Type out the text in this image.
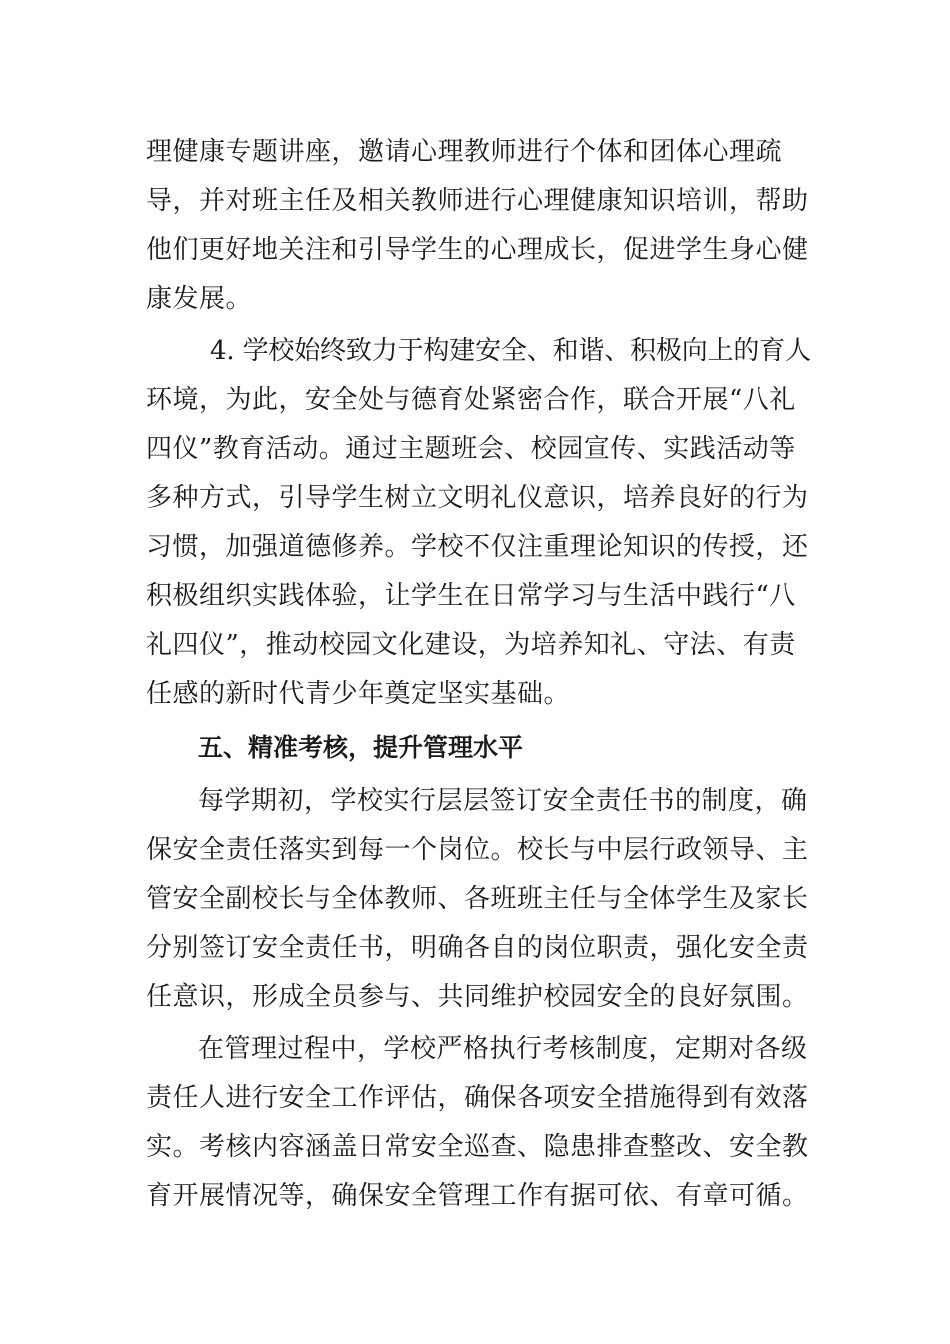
理健康专题讲座，邀请心理教师进行个体和团体心理疏
导，并对班主任及相关教师进行心理健康知识培训，帮助
他们更好地关注和引导学生的心理成长，促进学生身心健
康发展。
4. 学校始终致力于构建安全、和谐、积极向上的育人
环境，为此，安全处与德育处紧密合作，联合开展“八礼
四仪”教育活动。通过主题班会、校园宣传、实践活动等
多种方式，引导学生树立文明礼仪意识，培养良好的行为
习惯，加强道德修养。学校不仅注重理论知识的传授，还
积极组织实践体验，让学生在日常学习与生活中践行“八
礼四仪”，推动校园文化建设，为培养知礼、守法、有责
任感的新时代青少年奠定坚实基础。
五、精准考核，提升管理水平
每学期初，学校实行层层签订安全责任书的制度，确
保安全责任落实到每一个岗位。校长与中层行政领导、主
管安全副校长与全体教师、各班班主任与全体学生及家长
分别签订安全责任书，明确各自的岗位职责，强化安全责
任意识，形成全员参与、共同维护校园安全的良好氛围。
在管理过程中，学校严格执行考核制度，定期对各级
责任人进行安全工作评估，确保各项安全措施得到有效落
实。考核内容涵盖日常安全巡查、隐患排查整改、安全教
育开展情况等，确保安全管理工作有据可依、有章可循。
